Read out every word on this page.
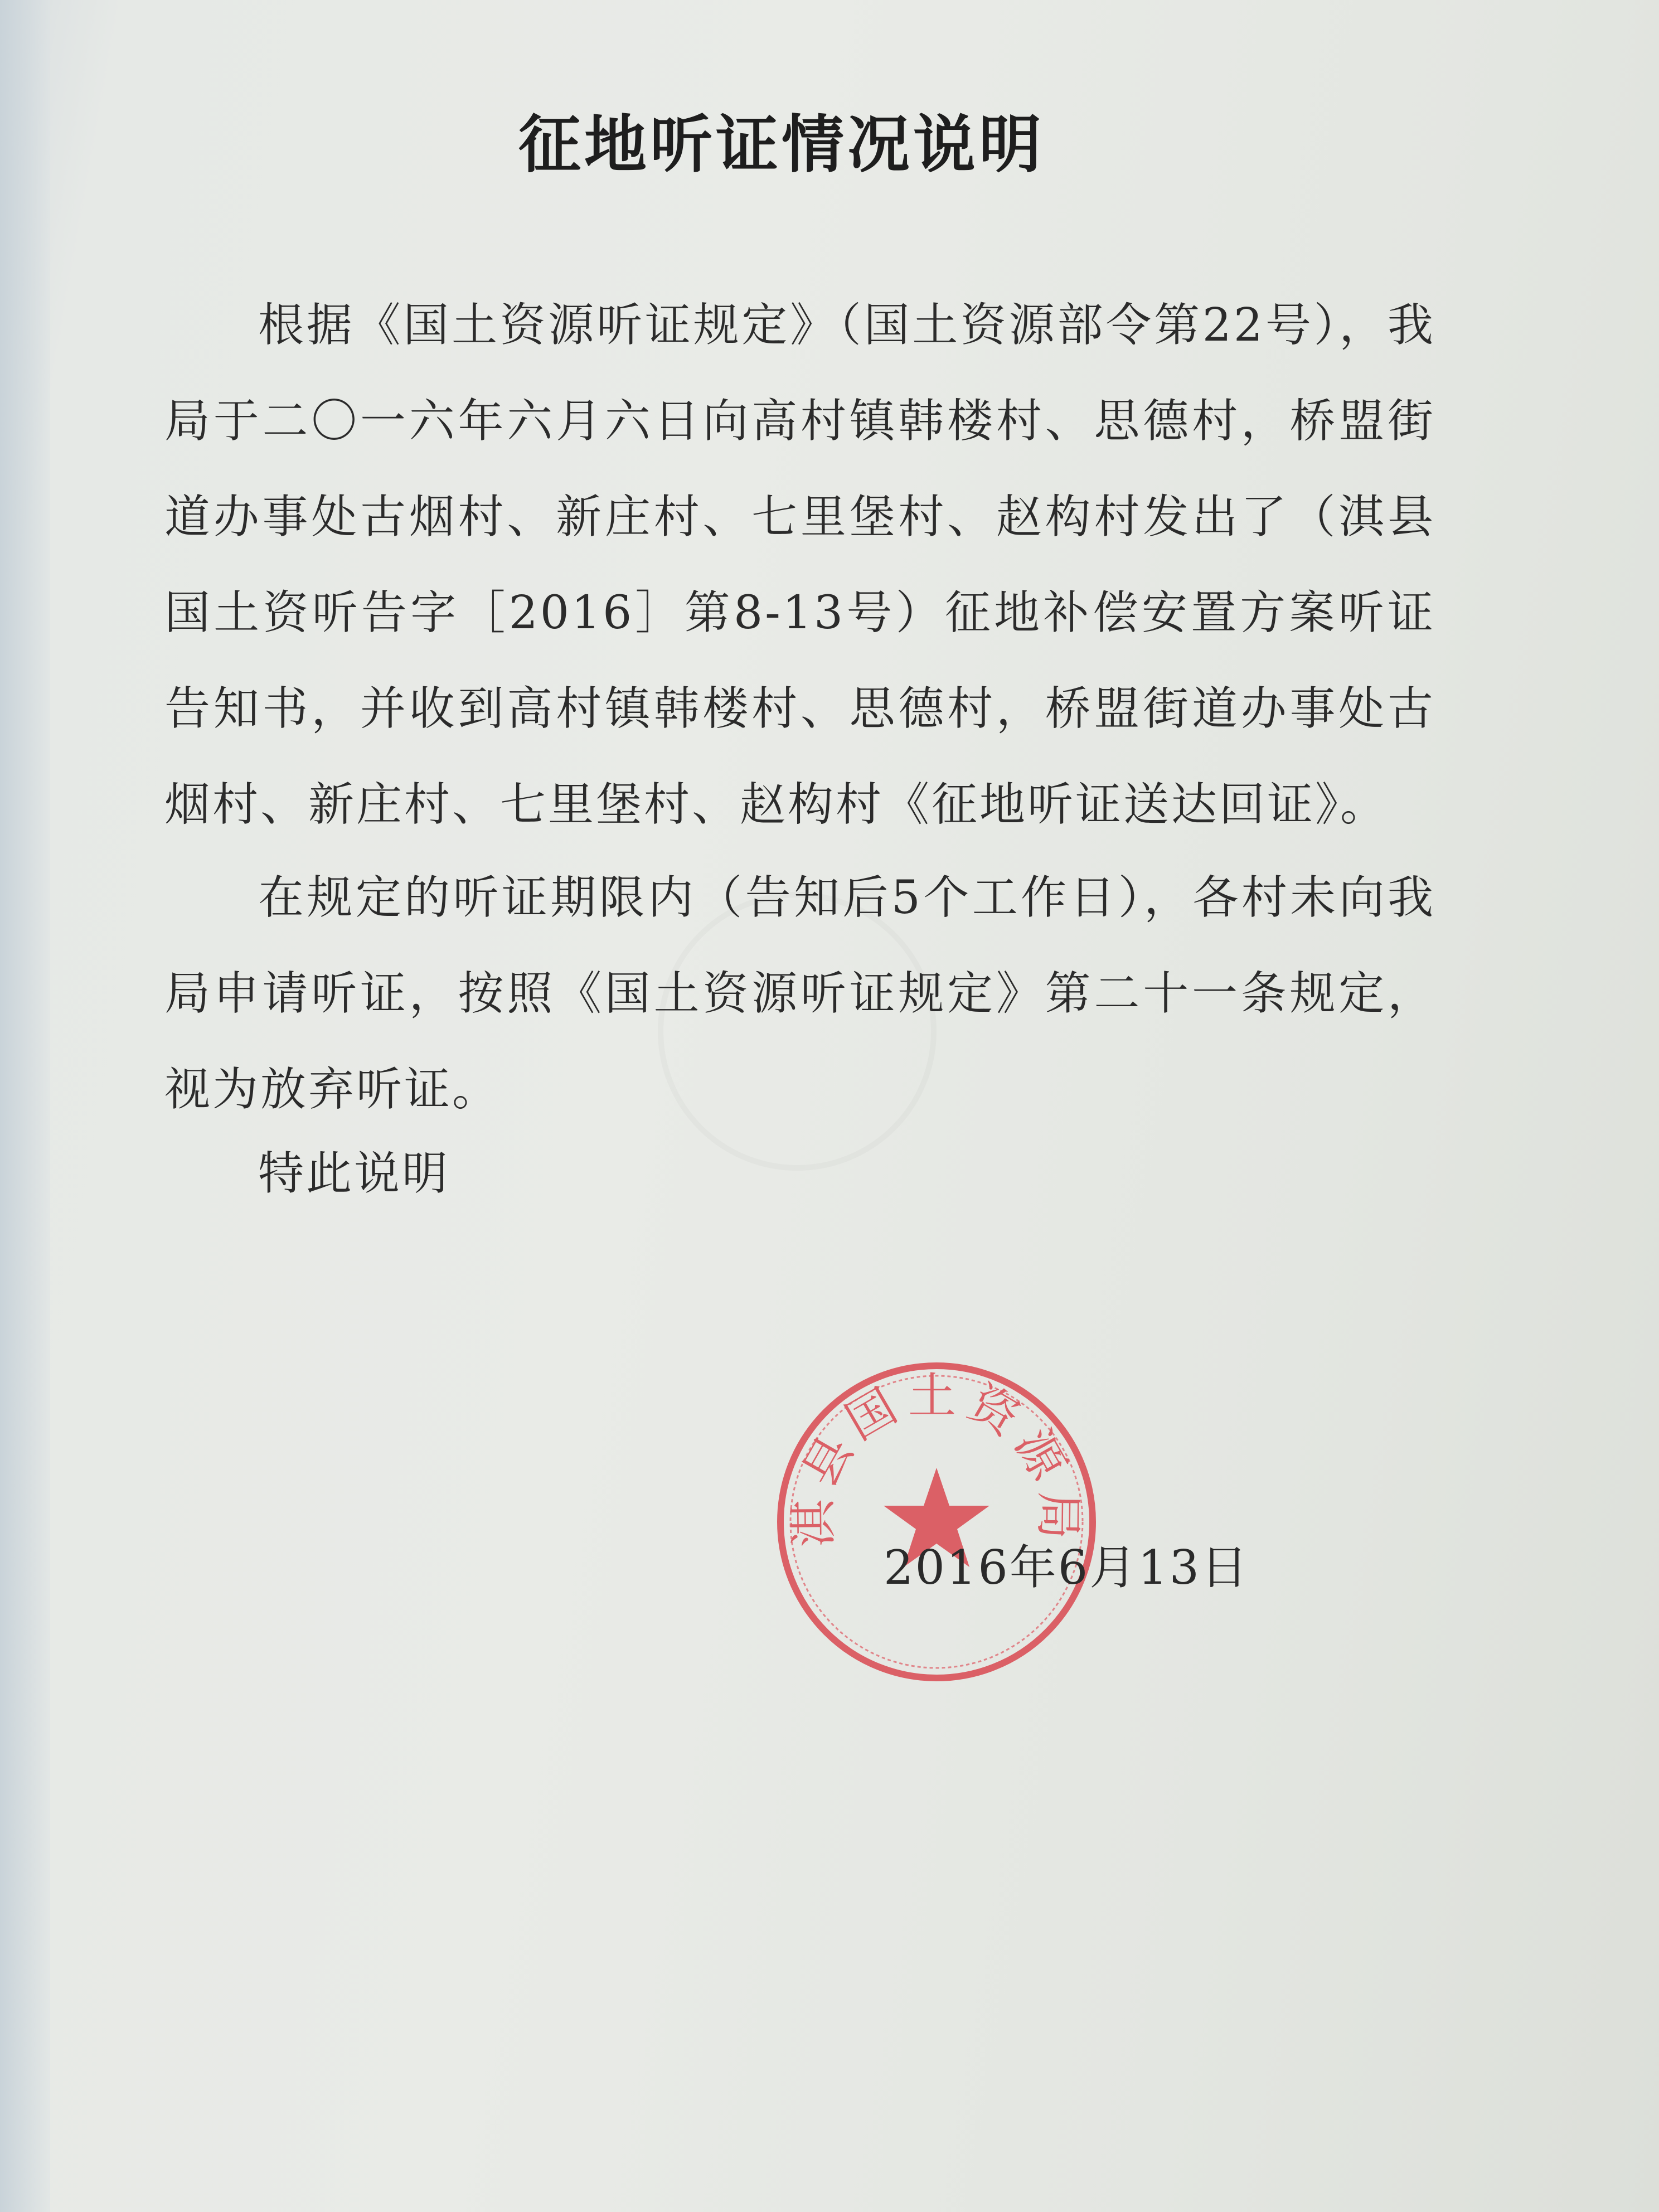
征地听证情况说明

根据《国土资源听证规定》（国土资源部令第22号），我局于二〇一六年六月六日向高村镇韩楼村、思德村，桥盟街道办事处古烟村、新庄村、七里堡村、赵构村发出了（淇县国土资听告字［2016］第8-13号）征地补偿安置方案听证告知书，并收到高村镇韩楼村、思德村，桥盟街道办事处古烟村、新庄村、七里堡村、赵构村《征地听证送达回证》。

在规定的听证期限内（告知后5个工作日），各村未向我局申请听证，按照《国土资源听证规定》第二十一条规定，视为放弃听证。

特此说明
淇县国土资源局
2016年6月13日
